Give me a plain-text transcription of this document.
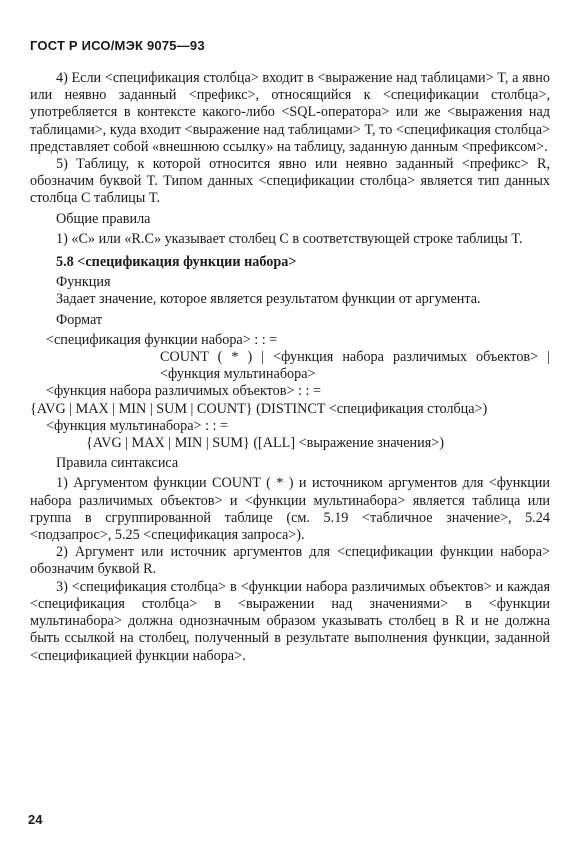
ГОСТ Р ИСО/МЭК 9075—93

4) Если <спецификация столбца> входит в <выражение над таблицами> T, а явно или неявно заданный <префикс>, относящийся к <спецификации столбца>, употребляется в контексте какого-либо <SQL-оператора> или же <выражения над таблицами>, куда входит <выражение над таблицами> T, то <спецификация столбца> представляет собой «внешнюю ссылку» на таблицу, заданную данным <префиксом>.

5) Таблицу, к которой относится явно или неявно заданный <префикс> R, обозначим буквой T. Типом данных <спецификации столбца> является тип данных столбца C таблицы T.

Общие правила

1) «C» или «R.C» указывает столбец C в соответствующей строке таблицы T.

5.8 <спецификация функции набора>

Функция

Задает значение, которое является результатом функции от аргумента.

Формат

<спецификация функции набора> : : =

COUNT ( * ) | <функция набора различимых объектов> | <функция мультинабора>

<функция набора различимых объектов> : : =

{AVG | MAX | MIN | SUM | COUNT} (DISTINCT <спецификация столбца>)

<функция мультинабора> : : =

{AVG | MAX | MIN | SUM} ([ALL] <выражение значения>)

Правила синтаксиса

1) Аргументом функции COUNT ( * ) и источником аргументов для <функции набора различимых объектов> и <функции мультинабора> является таблица или группа в сгруппированной таблице (см. 5.19 <табличное значение>, 5.24 <подзапрос>, 5.25 <спецификация запроса>).

2) Аргумент или источник аргументов для <спецификации функции набора> обозначим буквой R.

3) <спецификация столбца> в <функции набора различимых объектов> и каждая <спецификация столбца> в <выражении над значениями> в <функции мультинабора> должна однозначным образом указывать столбец в R и не должна быть ссылкой на столбец, полученный в результате выполнения функции, заданной <спецификацией функции набора>.

24
